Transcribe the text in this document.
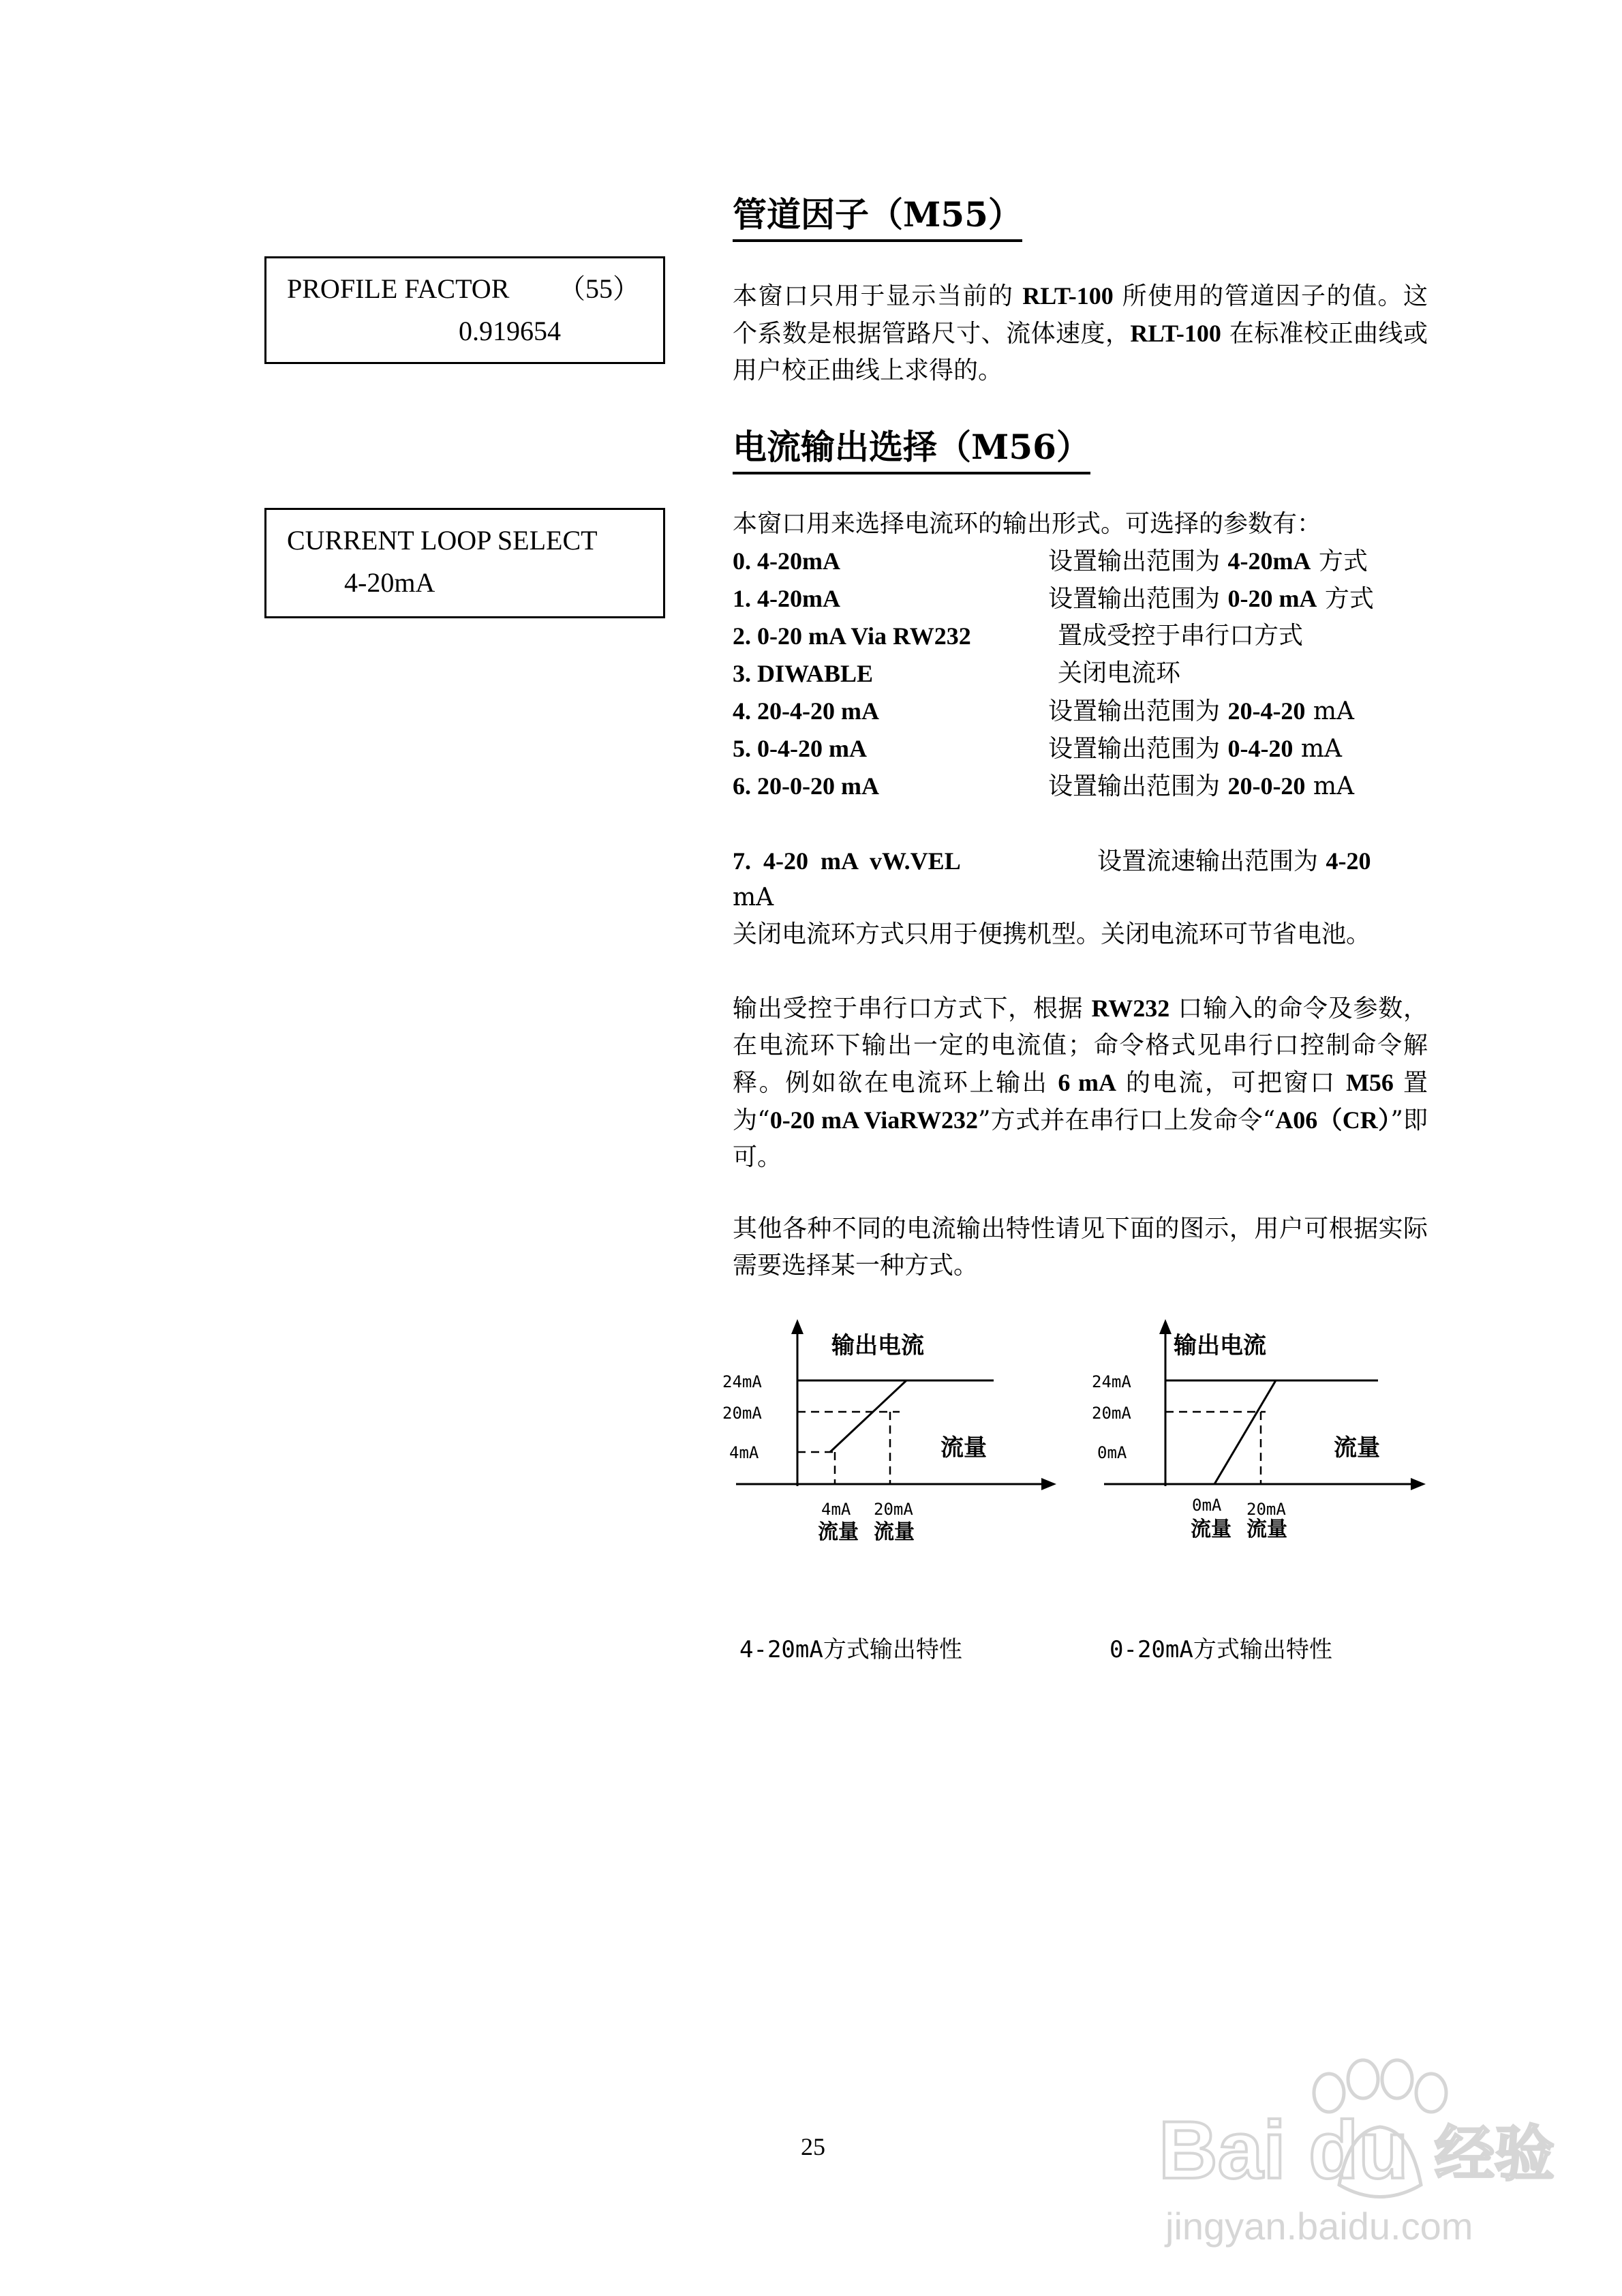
管道因子（M55）
PROFILE FACTOR （55）
0.919654

本窗口只用于显示当前的 RLT-100 所使用的管道因子的值。这个系数是根据管路尺寸、流体速度，RLT-100 在标准校正曲线或用户校正曲线上求得的。

电流输出选择（M56）
CURRENT LOOP SELECT
4-20mA

本窗口用来选择电流环的输出形式。可选择的参数有：

0. 4-20mA	设置输出范围为 4-20mA 方式
1. 4-20mA	设置输出范围为 0-20 mA 方式
2. 0-20 mA Via RW232	置成受控于串行口方式
3. DIWABLE	关闭电流环
4. 20-4-20 mA	设置输出范围为 20-4-20 mA
5. 0-4-20 mA	设置输出范围为 0-4-20 mA
6. 20-0-20 mA	设置输出范围为 20-0-20 mA
7.  4-20  mA  vW.VEL	设置流速输出范围为 4-20
mA

关闭电流环方式只用于便携机型。关闭电流环可节省电池。

输出受控于串行口方式下，根据 RW232 口输入的命令及参数，在电流环下输出一定的电流值；命令格式见串行口控制命令解释。例如欲在电流环上输出 6 mA 的电流，可把窗口 M56 置为“0-20 mA ViaRW232”方式并在串行口上发命令“A06（CR）”即可。

其他各种不同的电流输出特性请见下面的图示，用户可根据实际需要选择某一种方式。

输出电流
24mA
20mA
4mA	流量
4mA
流量
20mA
流量
输出电流
24mA
20mA
0mA	流量
0mA
流量
20mA
流量
4-20mA方式输出特性	0-20mA方式输出特性
25	Bai du 经验
jingyan.baidu.com
